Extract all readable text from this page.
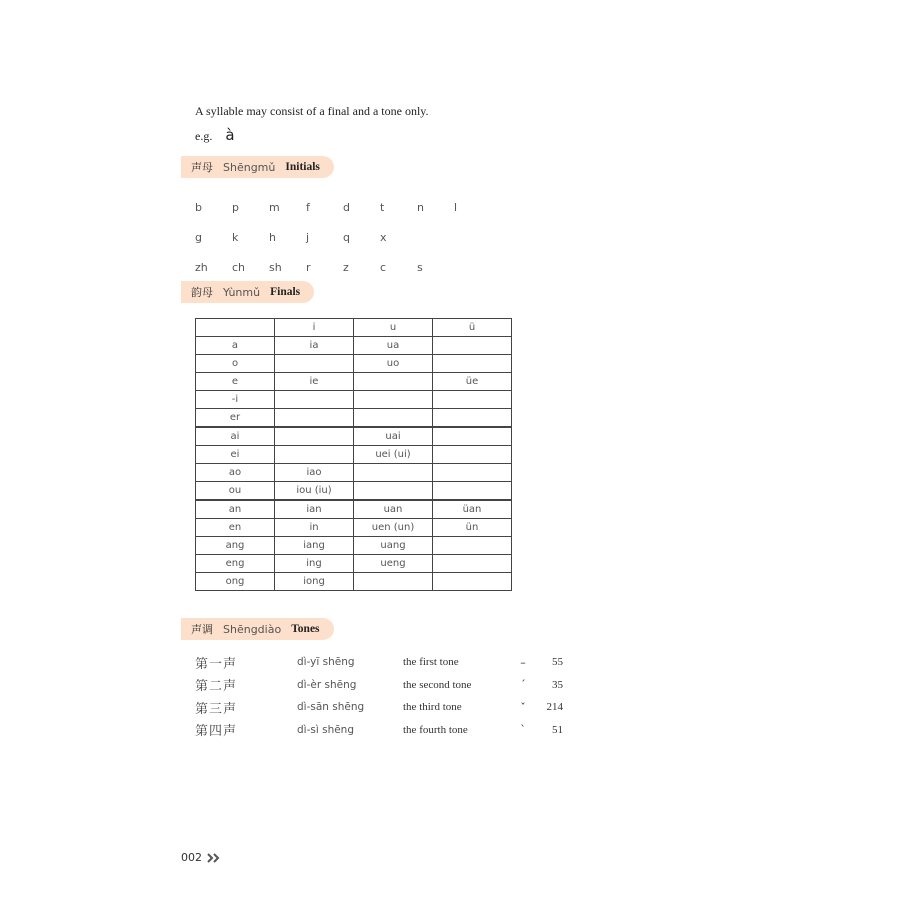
A syllable may consist of a final and a tone only.
e.g. à
声母 Shēngmǔ Initials
b	p	m	f	d	t	n	l
g	k	h	j	q	x
zh	ch	sh	r	z	c	s
韵母 Yùnmǔ Finals
	i	u	ü
a	ia	ua	
o		uo	
e	ie		üe
-i			
er			
ai		uai	
ei		uei (ui)	
ao	iao		
ou	iou (iu)		
an	ian	uan	üan
en	in	uen (un)	ün
ang	iang	uang	
eng	ing	ueng	
ong	iong		
声调 Shēngdiào Tones
第一声	dì-yī shēng	the first tone	–	55
第二声	dì-èr shēng	the second tone	ˊ	35
第三声	dì-sān shēng	the third tone	ˇ	214
第四声	dì-sì shēng	the fourth tone	ˋ	51
002
